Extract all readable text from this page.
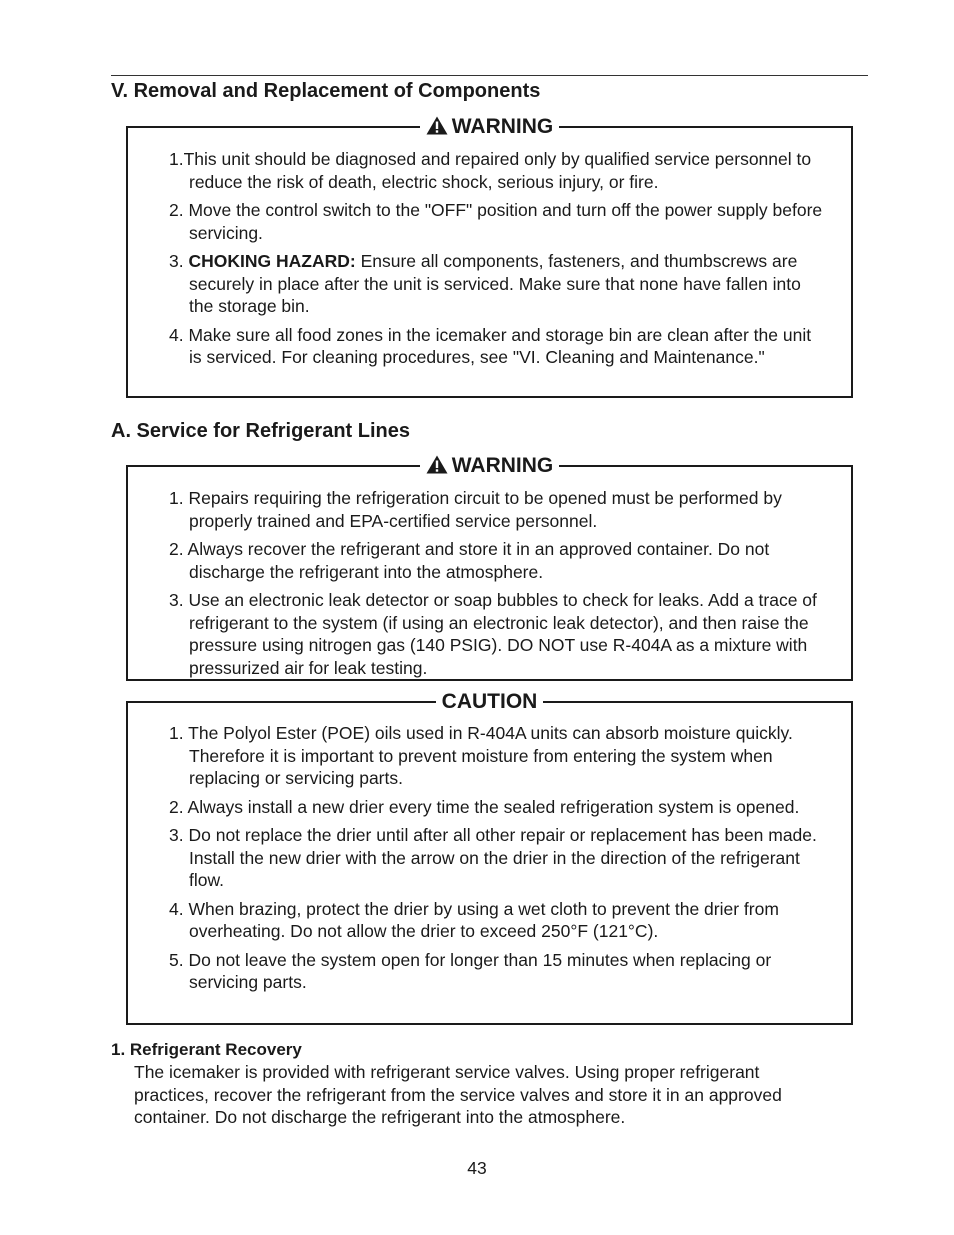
V. Removal and Replacement of Components
WARNING
1.This unit should be diagnosed and repaired only by qualified service personnel to reduce the risk of death, electric shock, serious injury, or fire.
2. Move the control switch to the "OFF" position and turn off the power supply before servicing.
3. CHOKING HAZARD: Ensure all components, fasteners, and thumbscrews are securely in place after the unit is serviced. Make sure that none have fallen into the storage bin.
4. Make sure all food zones in the icemaker and storage bin are clean after the unit is serviced. For cleaning procedures, see "VI. Cleaning and Maintenance."
A. Service for Refrigerant Lines
WARNING
1. Repairs requiring the refrigeration circuit to be opened must be performed by properly trained and EPA-certified service personnel.
2. Always recover the refrigerant and store it in an approved container. Do not discharge the refrigerant into the atmosphere.
3. Use an electronic leak detector or soap bubbles to check for leaks. Add a trace of refrigerant to the system (if using an electronic leak detector), and then raise the pressure using nitrogen gas (140 PSIG). DO NOT use R-404A as a mixture with pressurized air for leak testing.
CAUTION
1. The Polyol Ester (POE) oils used in R-404A units can absorb moisture quickly. Therefore it is important to prevent moisture from entering the system when replacing or servicing parts.
2. Always install a new drier every time the sealed refrigeration system is opened.
3. Do not replace the drier until after all other repair or replacement has been made. Install the new drier with the arrow on the drier in the direction of the refrigerant flow.
4. When brazing, protect the drier by using a wet cloth to prevent the drier from overheating. Do not allow the drier to exceed 250°F (121°C).
5. Do not leave the system open for longer than 15 minutes when replacing or servicing parts.
1. Refrigerant Recovery
The icemaker is provided with refrigerant service valves. Using proper refrigerant practices, recover the refrigerant from the service valves and store it in an approved container. Do not discharge the refrigerant into the atmosphere.
43
